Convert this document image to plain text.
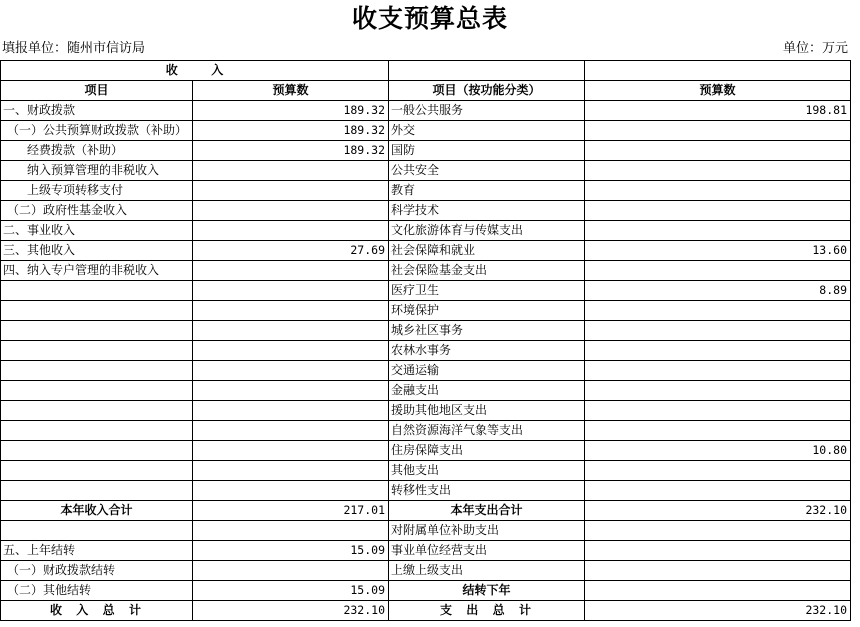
收支预算总表
填报单位：随州市信访局	单位：万元
收        入			
项目	预算数	项目（按功能分类）	预算数
一、财政拨款	189.32	一般公共服务	198.81
（一）公共预算财政拨款（补助）	189.32	外交	
经费拨款（补助）	189.32	国防	
纳入预算管理的非税收入		公共安全	
上级专项转移支付		教育	
（二）政府性基金收入		科学技术	
二、事业收入		文化旅游体育与传媒支出	
三、其他收入	27.69	社会保障和就业	13.60
四、纳入专户管理的非税收入		社会保险基金支出	
		医疗卫生	8.89
		环境保护	
		城乡社区事务	
		农林水事务	
		交通运输	
		金融支出	
		援助其他地区支出	
		自然资源海洋气象等支出	
		住房保障支出	10.80
		其他支出	
		转移性支出	
本年收入合计	217.01	本年支出合计	232.10
		对附属单位补助支出	
五、上年结转	15.09	事业单位经营支出	
（一）财政拨款结转		上缴上级支出	
（二）其他结转	15.09	结转下年	
收  入  总  计	232.10	支  出  总  计	232.10
